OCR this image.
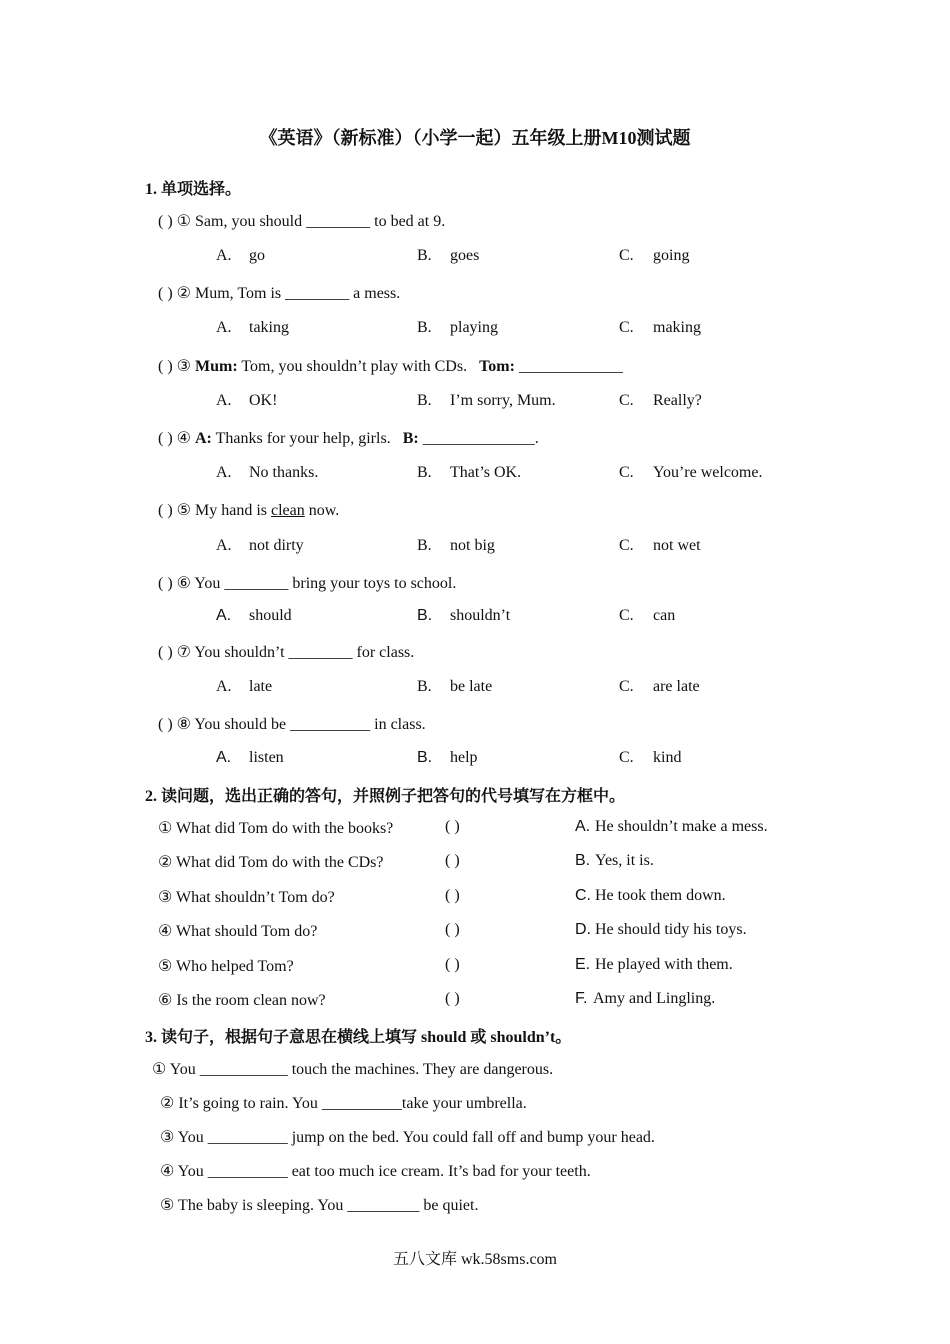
《英语》（新标准）（小学一起）五年级上册M10测试题
1. 单项选择。
( ) ① Sam, you should ________ to bed at 9.
A. go	B. goes	C. going
( ) ② Mum, Tom is ________ a mess.
A. taking	B. playing	C. making
( ) ③ Mum: Tom, you shouldn’t play with CDs.   Tom: _____________
A. OK!	B. I’m sorry, Mum.	C. Really?
( ) ④ A: Thanks for your help, girls.   B: ______________.
A. No thanks.	B. That’s OK.	C. You’re welcome.
( ) ⑤ My hand is clean now.
A. not dirty	B. not big	C. not wet
( ) ⑥ You ________ bring your toys to school.
A. should	B. shouldn’t	C. can
( ) ⑦ You shouldn’t ________ for class.
A. late	B. be late	C. are late
( ) ⑧ You should be __________ in class.
A. listen	B. help	C. kind
2. 读问题，选出正确的答句，并照例子把答句的代号填写在方框中。
① What did Tom do with the books?	( )	A. He shouldn’t make a mess.
② What did Tom do with the CDs?	( )	B. Yes, it is.
③ What shouldn’t Tom do?	( )	C. He took them down.
④ What should Tom do?	( )	D. He should tidy his toys.
⑤ Who helped Tom?	( )	E. He played with them.
⑥ Is the room clean now?	( )	F. Amy and Lingling.
3. 读句子，根据句子意思在横线上填写 should 或 shouldn’t。
① You ___________ touch the machines. They are dangerous.
② It’s going to rain. You __________take your umbrella.
③ You __________ jump on the bed. You could fall off and bump your head.
④ You __________ eat too much ice cream. It’s bad for your teeth.
⑤ The baby is sleeping. You _________ be quiet.
五八文库 wk.58sms.com
